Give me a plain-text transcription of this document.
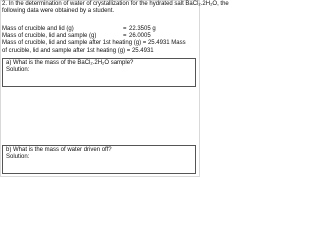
2. In the determination of water of crystallization for the hydrated salt BaCl₂.2H₂O, the
following data were obtained by a student.
Mass of crucible and lid (g)	= 22.3505 g
Mass of crucible, lid and sample (g)	= 26.0005
Mass of crucible, lid and sample after 1st heating (g) = 25.4931 Mass
of crucible, lid and sample after 1st heating (g) = 25.4931
a) What is the mass of the BaCl₂.2H₂O sample?
Solution:
b) What is the mass of water driven off?
Solution:
